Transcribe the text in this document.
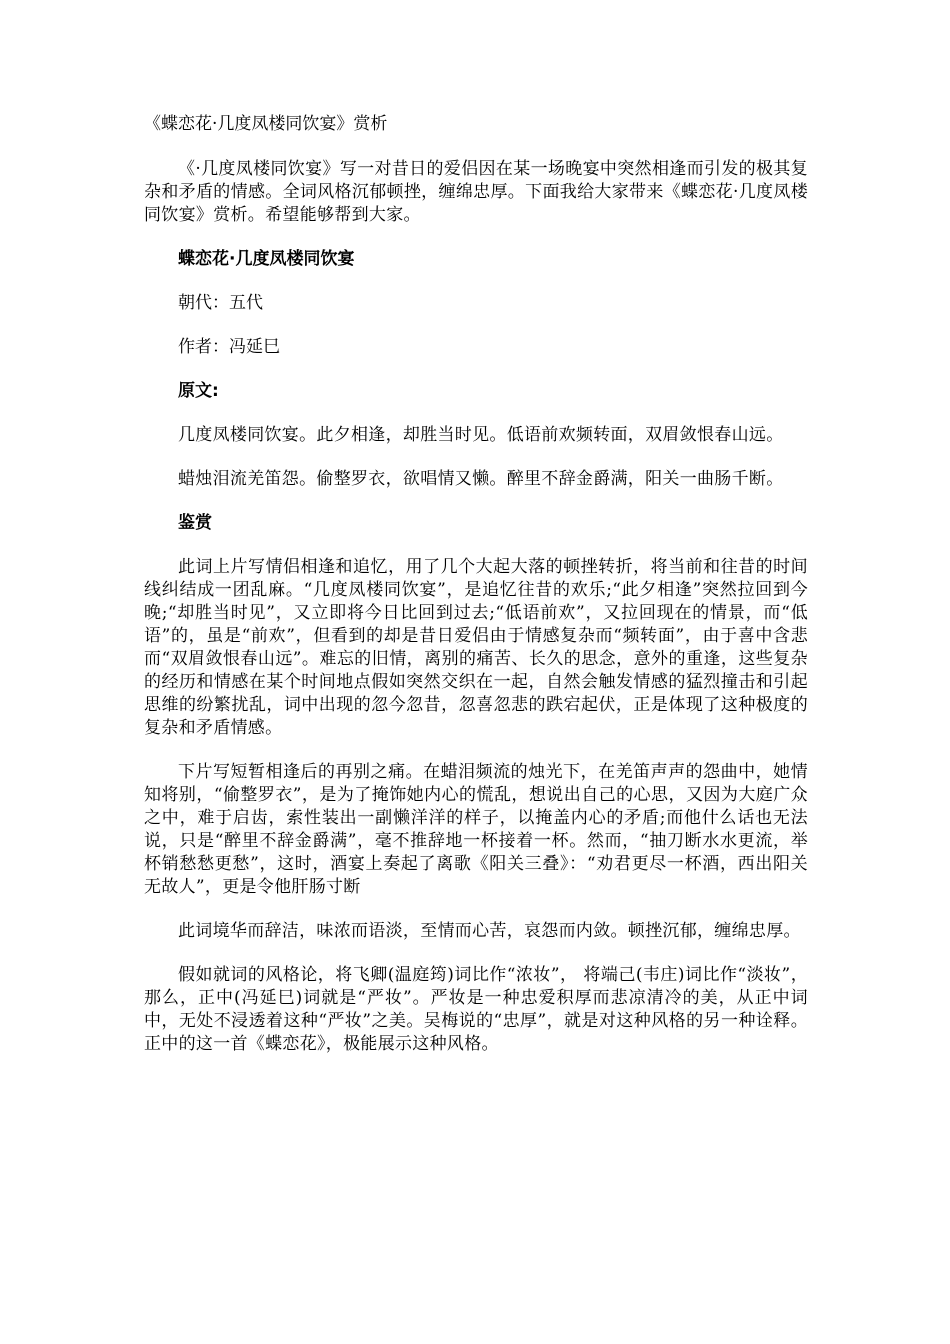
《蝶恋花·几度凤楼同饮宴》赏析

《·几度凤楼同饮宴》写一对昔日的爱侣因在某一场晚宴中突然相逢而引发的极其复杂和矛盾的情感。全词风格沉郁顿挫，缠绵忠厚。下面我给大家带来《蝶恋花·几度凤楼同饮宴》赏析。希望能够帮到大家。

蝶恋花·几度凤楼同饮宴

朝代：五代

作者：冯延巳

原文:

几度凤楼同饮宴。此夕相逢，却胜当时见。低语前欢频转面，双眉敛恨春山远。

蜡烛泪流羌笛怨。偷整罗衣，欲唱情又懒。醉里不辞金爵满，阳关一曲肠千断。

鉴赏

此词上片写情侣相逢和追忆，用了几个大起大落的顿挫转折，将当前和往昔的时间线纠结成一团乱麻。“几度凤楼同饮宴”，是追忆往昔的欢乐;“此夕相逢”突然拉回到今晚;“却胜当时见”，又立即将今日比回到过去;“低语前欢”，又拉回现在的情景，而“低语”的，虽是“前欢”，但看到的却是昔日爱侣由于情感复杂而“频转面”，由于喜中含悲而“双眉敛恨春山远”。难忘的旧情，离别的痛苦、长久的思念，意外的重逢，这些复杂的经历和情感在某个时间地点假如突然交织在一起，自然会触发情感的猛烈撞击和引起思维的纷繁扰乱，词中出现的忽今忽昔，忽喜忽悲的跌宕起伏，正是体现了这种极度的复杂和矛盾情感。

下片写短暂相逢后的再别之痛。在蜡泪频流的烛光下，在羌笛声声的怨曲中，她情知将别，“偷整罗衣”，是为了掩饰她内心的慌乱，想说出自己的心思，又因为大庭广众之中，难于启齿，索性装出一副懒洋洋的样子，以掩盖内心的矛盾;而他什么话也无法说，只是“醉里不辞金爵满”，毫不推辞地一杯接着一杯。然而，“抽刀断水水更流，举杯销愁愁更愁”，这时，酒宴上奏起了离歌《阳关三叠》：“劝君更尽一杯酒，西出阳关无故人”，更是令他肝肠寸断

此词境华而辞洁，味浓而语淡，至情而心苦，哀怨而内敛。顿挫沉郁，缠绵忠厚。

假如就词的风格论，将飞卿(温庭筠)词比作“浓妆”， 将端己(韦庄)词比作“淡妆”，那么，正中(冯延巳)词就是“严妆”。严妆是一种忠爱积厚而悲凉清冷的美，从正中词中，无处不浸透着这种“严妆”之美。吴梅说的“忠厚”，就是对这种风格的另一种诠释。正中的这一首《蝶恋花》，极能展示这种风格。
